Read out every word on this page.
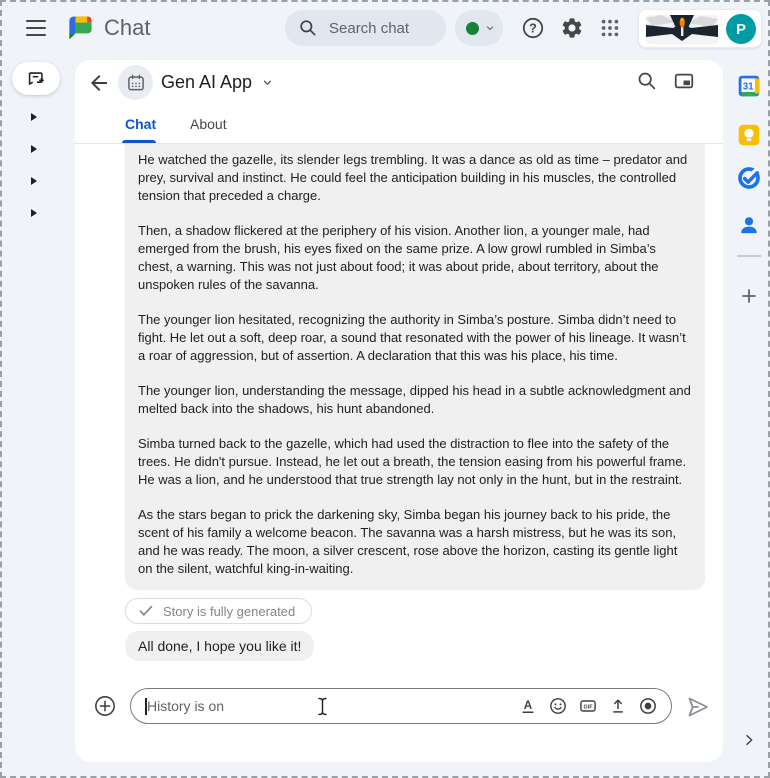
Chat	Search chat	?	P
Gen AI App
Chat About

He watched the gazelle, its slender legs trembling. It was a dance as old as time – predator and prey, survival and instinct. He could feel the anticipation building in his muscles, the controlled tension that preceded a charge.

Then, a shadow flickered at the periphery of his vision. Another lion, a younger male, had emerged from the brush, his eyes fixed on the same prize. A low growl rumbled in Simba’s chest, a warning. This was not just about food; it was about pride, about territory, about the unspoken rules of the savanna.

The younger lion hesitated, recognizing the authority in Simba’s posture. Simba didn’t need to fight. He let out a soft, deep roar, a sound that resonated with the power of his lineage. It wasn’t a roar of aggression, but of assertion. A declaration that this was his place, his time.

The younger lion, understanding the message, dipped his head in a subtle acknowledgment and melted back into the shadows, his hunt abandoned.

Simba turned back to the gazelle, which had used the distraction to flee into the safety of the trees. He didn't pursue. Instead, he let out a breath, the tension easing from his powerful frame. He was a lion, and he understood that true strength lay not only in the hunt, but in the restraint.

As the stars began to prick the darkening sky, Simba began his journey back to his pride, the scent of his family a welcome beacon. The savanna was a harsh mistress, but he was its son, and he was ready. The moon, a silver crescent, rose above the horizon, casting its gentle light on the silent, watchful king-in-waiting.

Story is fully generated
All done, I hope you like it!
History is on	A	GIF
31
